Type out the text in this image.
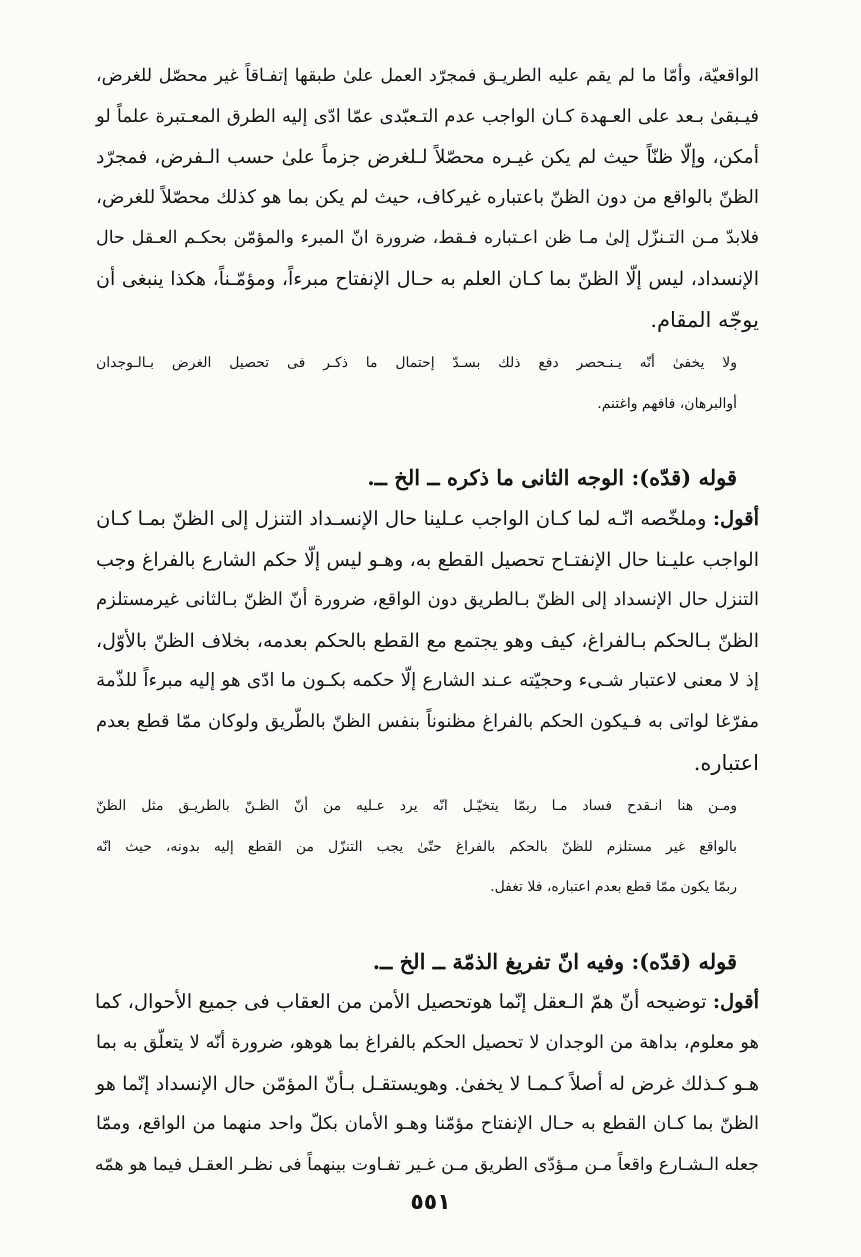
الواقعيّة، وأمّا ما لم يقم عليه الطريـق فمجرّد العمل علىٰ طبقها إتفـاقاً غير محصّل للغرض،
فيـبقىٰ بـعد على العـهدة كـان الواجب عدم التـعبّدى عمّا ادّى إليه الطرق المعـتبرة علماً لو
أمكن، وإلّا ظنّاً حيث لم يكن غيـره محصّلاً لـلغرض جزماً علىٰ حسب الـفرض، فمجرّد
الظنّ بالواقع من دون الظنّ باعتباره غيركاف، حيث لم يكن بما هو كذلك محصّلاً للغرض،
فلابدّ مـن التـنزّل إلىٰ مـا ظن اعـتباره فـقط، ضرورة انّ المبرء والمؤمّن بحكـم العـقل حال
الإنسداد، ليس إلّا الظنّ بما كـان العلم به حـال الإنفتاح مبرءاً، ومؤمّـناً، هكذا ينبغى أن
يوجّه المقام.

ولا يخفىٰ أنّه يـنـحصر دفع ذلك بسـدّ إحتمال ما ذكـر فى تحصيل الغرض بـالـوجدان
أوالبرهان، فافهم واغتنم.

قوله (قدّه): الوجه الثانى ما ذكره ــ الخ ــ.

أقول: وملخّصه انّـه لما كـان الواجب عـلينا حال الإنسـداد التنزل إلى الظنّ بمـا كـان
الواجب عليـنا حال الإنفتـاح تحصيل القطع به، وهـو ليس إلّا حكم الشارع بالفراغ وجب
التنزل حال الإنسداد إلى الظنّ بـالطريق دون الواقع، ضرورة أنّ الظنّ بـالثانى غيرمستلزم
الظنّ بـالحكم بـالفراغ، كيف وهو يجتمع مع القطع بالحكم بعدمه، بخلاف الظنّ بالأوّل،
إذ لا معنى لاعتبار شـىء وحجيّته عـند الشارع إلّا حكمه بكـون ما ادّى هو إليه مبرءاً للذّمة
مفرّغا لواتى به فـيكون الحكم بالفراغ مظنوناً بنفس الظنّ بالطّريق ولوكان ممّا قطع بعدم
اعتباره.

ومـن هنا انـقدح فساد مـا ربمّا يتخيّـل انّه يرد عـليه من أنّ الظـنّ بالطريـق مثل الظنّ
بالواقع غير مستلزم للظنّ بالحكم بالفراغ حتّىٰ يجب التنزّل من القطع إليه بدونه، حيث انّه
ربمّا يكون ممّا قطع بعدم اعتباره، فلا تغفل.

قوله (قدّه): وفيه انّ تفريغ الذمّة ــ الخ ــ.

أقول: توضيحه أنّ همّ الـعقل إنّما هوتحصيل الأمن من العقاب فى جميع الأحوال، كما
هو معلوم، بداهة من الوجدان لا تحصيل الحكم بالفراغ بما هوهو، ضرورة أنّه لا يتعلّق به بما
هـو كـذلك غرض له أصلاً كـمـا لا يخفىٰ. وهويستقـل بـأنّ المؤمّن حال الإنسداد إنّما هو
الظنّ بما كـان القطع به حـال الإنفتاح مؤمّنا وهـو الأمان بكلّ واحد منهما من الواقع، وممّا
جعله الـشـارع واقعاً مـن مـؤدّى الطريق مـن غـير تفـاوت بينهماً فى نظـر العقـل فيما هو همّه

٥٥١
